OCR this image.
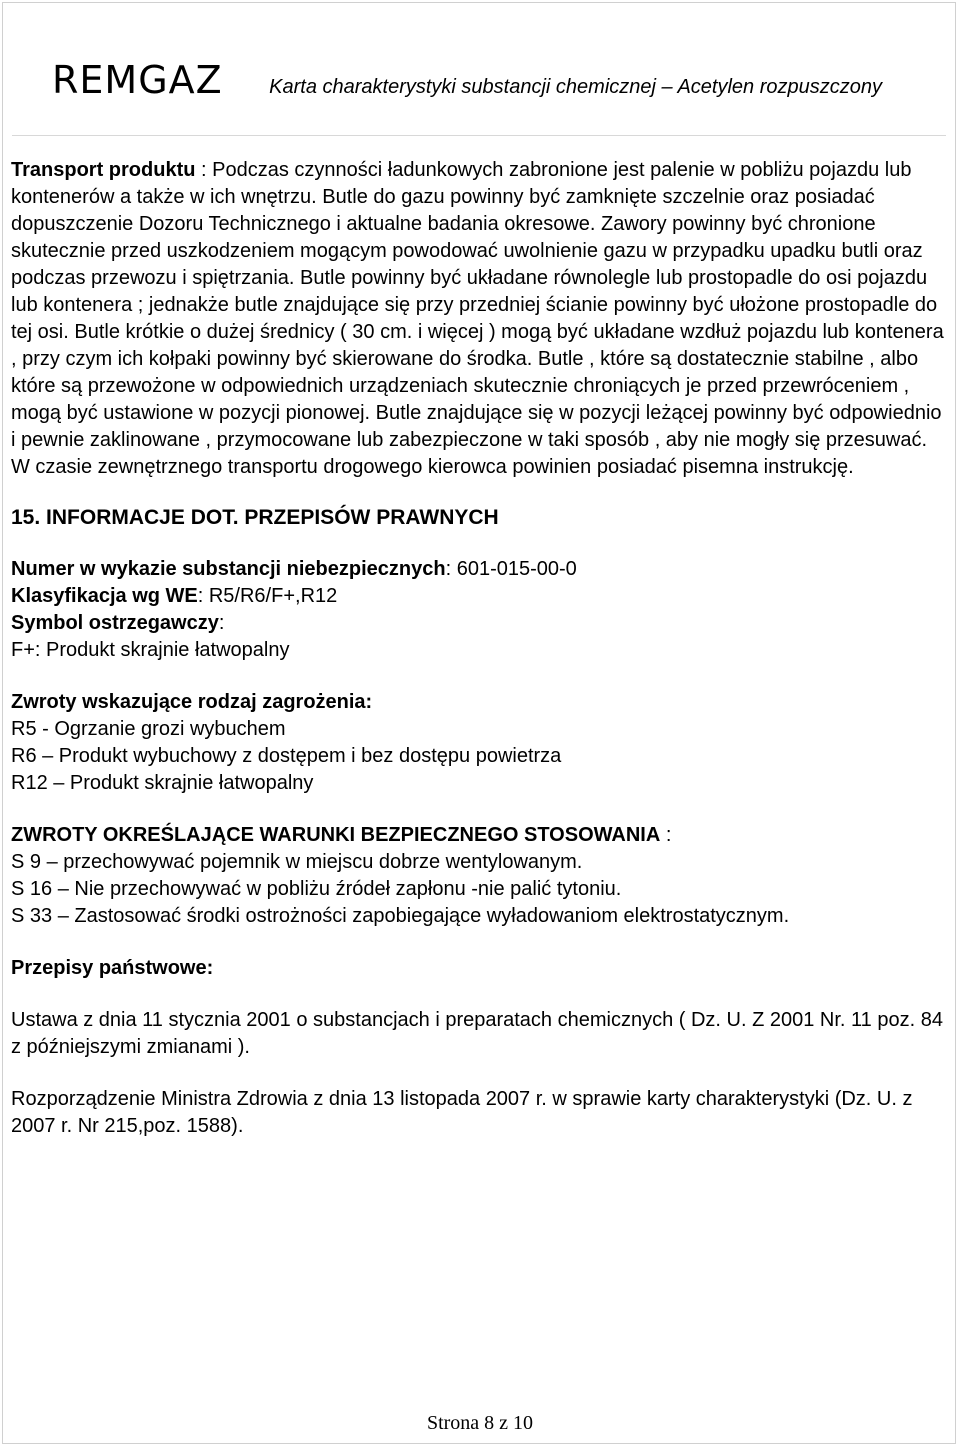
REMGAZ Karta charakterystyki substancji chemicznej – Acetylen rozpuszczony

Transport produktu : Podczas czynności ładunkowych zabronione jest palenie w pobliżu pojazdu lub kontenerów a także w ich wnętrzu. Butle do gazu powinny być zamknięte szczelnie oraz posiadać dopuszczenie Dozoru Technicznego i aktualne badania okresowe. Zawory powinny być chronione skutecznie przed uszkodzeniem mogącym powodować uwolnienie gazu w przypadku upadku butli oraz podczas przewozu i spiętrzania. Butle powinny być układane równolegle lub prostopadle do osi pojazdu lub kontenera ; jednakże butle znajdujące się przy przedniej ścianie powinny być ułożone prostopadle do tej osi. Butle krótkie o dużej średnicy ( 30 cm. i więcej ) mogą być układane wzdłuż pojazdu lub kontenera , przy czym ich kołpaki powinny być skierowane do środka. Butle , które są dostatecznie stabilne , albo które są przewożone w odpowiednich urządzeniach skutecznie chroniących je przed przewróceniem , mogą być ustawione w pozycji pionowej. Butle znajdujące się w pozycji leżącej powinny być odpowiednio i pewnie zaklinowane , przymocowane lub zabezpieczone w taki sposób , aby nie mogły się przesuwać.

W czasie zewnętrznego transportu drogowego kierowca powinien posiadać pisemna instrukcję.

15. INFORMACJE DOT. PRZEPISÓW PRAWNYCH

Numer w wykazie substancji niebezpiecznych: 601-015-00-0

Klasyfikacja wg WE: R5/R6/F+,R12

Symbol ostrzegawczy:

F+: Produkt skrajnie łatwopalny

Zwroty wskazujące rodzaj zagrożenia:

R5 - Ogrzanie grozi wybuchem

R6 – Produkt wybuchowy z dostępem i bez dostępu powietrza

R12 – Produkt skrajnie łatwopalny

ZWROTY OKREŚLAJĄCE WARUNKI BEZPIECZNEGO STOSOWANIA :

S 9 – przechowywać pojemnik w miejscu dobrze wentylowanym.

S 16 – Nie przechowywać w pobliżu źródeł zapłonu -nie palić tytoniu.

S 33 – Zastosować środki ostrożności zapobiegające wyładowaniom elektrostatycznym.

Przepisy państwowe:

Ustawa z dnia 11 stycznia 2001 o substancjach i preparatach chemicznych ( Dz. U. Z 2001 Nr. 11 poz. 84 z późniejszymi zmianami ).

Rozporządzenie Ministra Zdrowia z dnia 13 listopada 2007 r. w sprawie karty charakterystyki (Dz. U. z 2007 r. Nr 215,poz. 1588).

Strona 8 z 10
